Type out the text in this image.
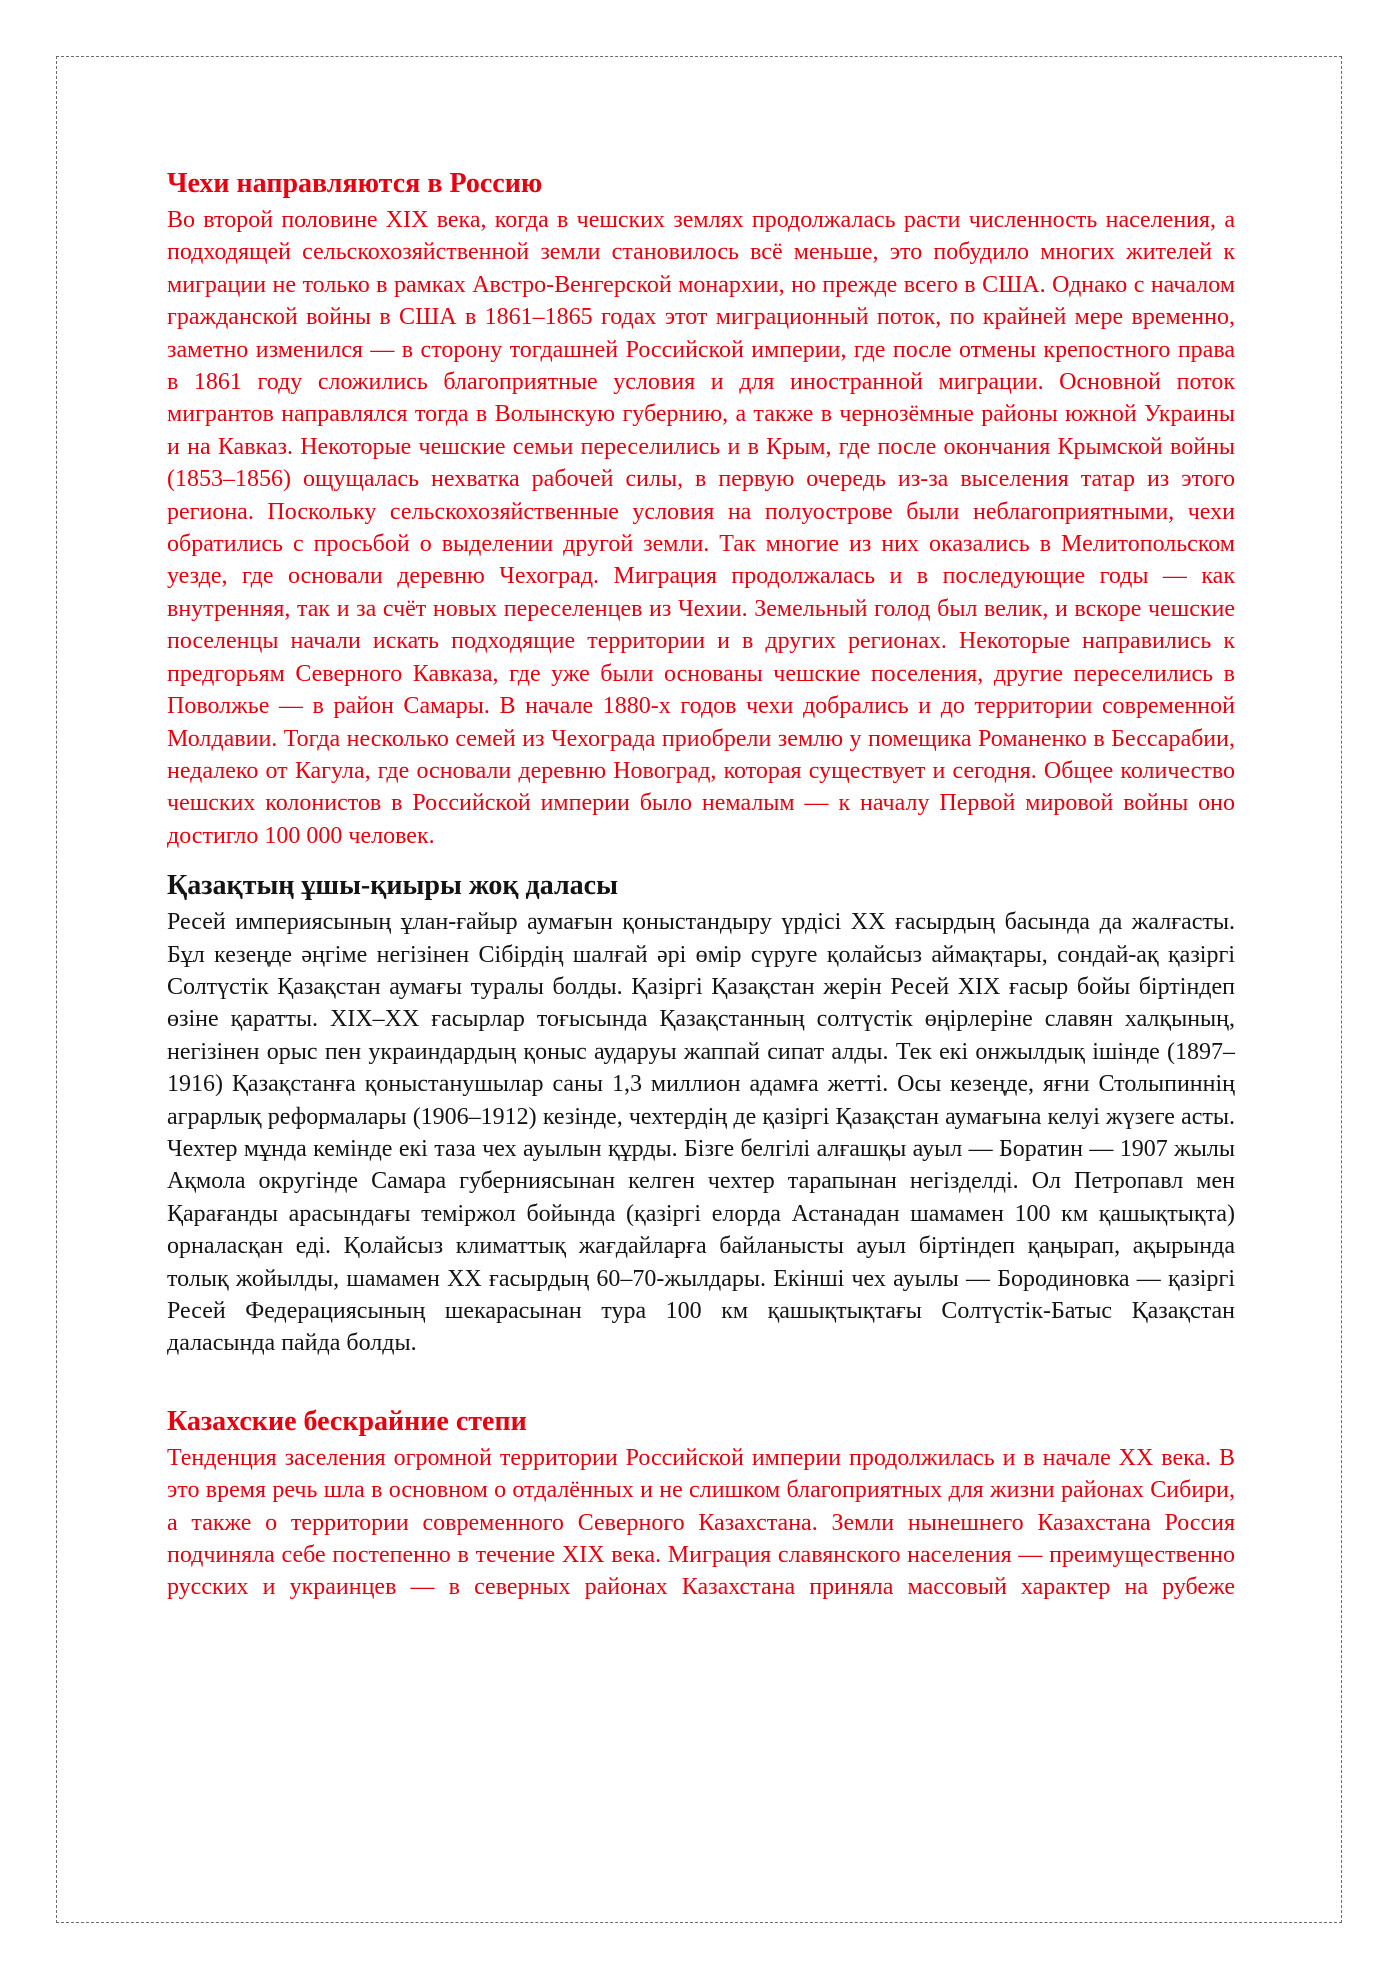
Чехи направляются в Россию

Во второй половине XIX века, когда в чешских землях продолжалась расти численность населения, а подходящей сельскохозяйственной земли становилось всё меньше, это побудило многих жителей к миграции не только в рамках Австро-Венгерской монархии, но прежде всего в США. Однако с началом гражданской войны в США в 1861–1865 годах этот миграционный поток, по крайней мере временно, заметно изменился — в сторону тогдашней Российской империи, где после отмены крепостного права в 1861 году сложились благоприятные условия и для иностранной миграции. Основной поток мигрантов направлялся тогда в Волынскую губернию, а также в чернозёмные районы южной Украины и на Кавказ. Некоторые чешские семьи переселились и в Крым, где после окончания Крымской войны (1853–1856) ощущалась нехватка рабочей силы, в первую очередь из-за выселения татар из этого региона. Поскольку сельскохозяйственные условия на полуострове были неблагоприятными, чехи обратились с просьбой о выделении другой земли. Так многие из них оказались в Мелитопольском уезде, где основали деревню Чехоград. Миграция продолжалась и в последующие годы — как внутренняя, так и за счёт новых переселенцев из Чехии. Земельный голод был велик, и вскоре чешские поселенцы начали искать подходящие территории и в других регионах. Некоторые направились к предгорьям Северного Кавказа, где уже были основаны чешские поселения, другие переселились в Поволжье — в район Самары. В начале 1880-х годов чехи добрались и до территории современной Молдавии. Тогда несколько семей из Чехограда приобрели землю у помещика Романенко в Бессарабии, недалеко от Кагула, где основали деревню Новоград, которая существует и сегодня. Общее количество чешских колонистов в Российской империи было немалым — к началу Первой мировой войны оно достигло 100 000 человек.

Қазақтың ұшы-қиыры жоқ даласы

Ресей империясының ұлан-ғайыр аумағын қоныстандыру үрдісі XX ғасырдың басында да жалғасты. Бұл кезеңде әңгіме негізінен Сібірдің шалғай әрі өмір сүруге қолайсыз аймақтары, сондай-ақ қазіргі Солтүстік Қазақстан аумағы туралы болды. Қазіргі Қазақстан жерін Ресей XIX ғасыр бойы біртіндеп өзіне қаратты. XIX–XX ғасырлар тоғысында Қазақстанның солтүстік өңірлеріне славян халқының, негізінен орыс пен украиндардың қоныс аударуы жаппай сипат алды. Тек екі онжылдық ішінде (1897–1916) Қазақстанға қоныстанушылар саны 1,3 миллион адамға жетті. Осы кезеңде, яғни Столыпиннің аграрлық реформалары (1906–1912) кезінде, чехтердің де қазіргі Қазақстан аумағына келуі жүзеге асты. Чехтер мұнда кемінде екі таза чех ауылын құрды. Бізге белгілі алғашқы ауыл — Боратин — 1907 жылы Ақмола округінде Самара губерниясынан келген чехтер тарапынан негізделді. Ол Петропавл мен Қарағанды арасындағы теміржол бойында (қазіргі елорда Астанадан шамамен 100 км қашықтықта) орналасқан еді. Қолайсыз климаттық жағдайларға байланысты ауыл біртіндеп қаңырап, ақырында толық жойылды, шамамен XX ғасырдың 60–70-жылдары. Екінші чех ауылы — Бородиновка — қазіргі Ресей Федерациясының шекарасынан тура 100 км қашықтықтағы Солтүстік-Батыс Қазақстан даласында пайда болды.

Казахские бескрайние степи

Тенденция заселения огромной территории Российской империи продолжилась и в начале XX века. В это время речь шла в основном о отдалённых и не слишком благоприятных для жизни районах Сибири, а также о территории современного Северного Казахстана. Земли нынешнего Казахстана Россия подчиняла себе постепенно в течение XIX века. Миграция славянского населения — преимущественно русских и украинцев — в северных районах Казахстана приняла массовый характер на рубеже
